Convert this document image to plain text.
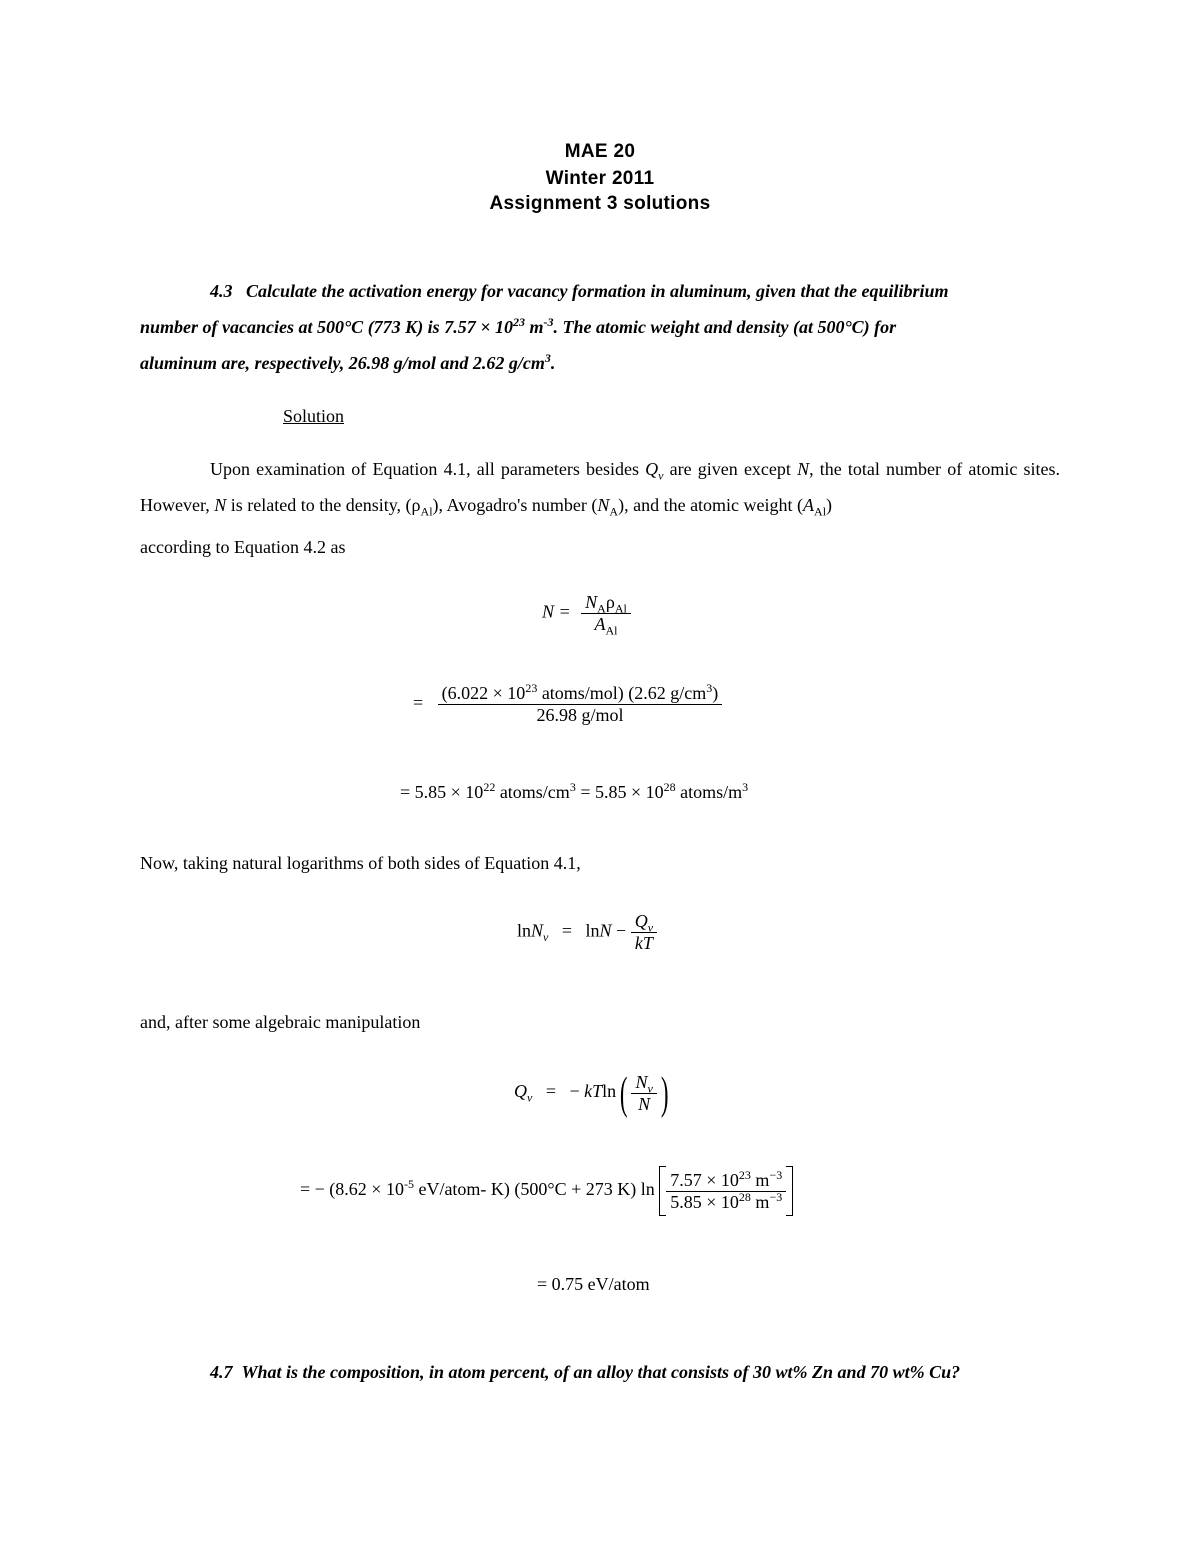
MAE 20
Winter 2011
Assignment 3 solutions
4.3 Calculate the activation energy for vacancy formation in aluminum, given that the equilibrium
number of vacancies at 500°C (773 K) is $7.57 \times 10^{23}$ $m^{-3}$. The atomic weight and density (at 500°C) for
aluminum are, respectively, 26.98 g/mol and 2.62 $g/cm^3$.
Solution
Upon examination of Equation 4.1, all parameters besides $Q_v$ are given except N, the total number of atomic sites. However, N is related to the density, $(\rho_{Al})$, Avogadro's number $(N_A)$, and the atomic weight $(A_{Al})$
according to Equation 4.2 as
$N = \frac{N_A\rho_{Al}}{A_{Al}}$
= $\frac{(6.022 \times 10^{23} atoms/mol) (2.62 g/cm^3)}{\text{26.98 g/mol}}$
= $5.85 \times 10^{22}$ atoms/$cm^3 = 5.85 \times 10^{28}$ atoms/$m^3$
Now, taking natural logarithms of both sides of Equation 4.1,
$\ln N_v = \ln N - \frac{Q_v}{kT}$
and, after some algebraic manipulation
$Q_v$ = − $kTln( \frac{N_v}{N}$ )
= − ($8.62 \times 10^{-5}$ eV/atom- K) (500°C + 273 K) $\ln \frac{7.57 \times 10^{23} m^{-3}}{5.85 \times 10^{28} m^{-3}}$
= 0.75 eV/atom
4.7 What is the composition, in atom percent, of an alloy that consists of 30 wt% Zn and 70 wt% Cu?
